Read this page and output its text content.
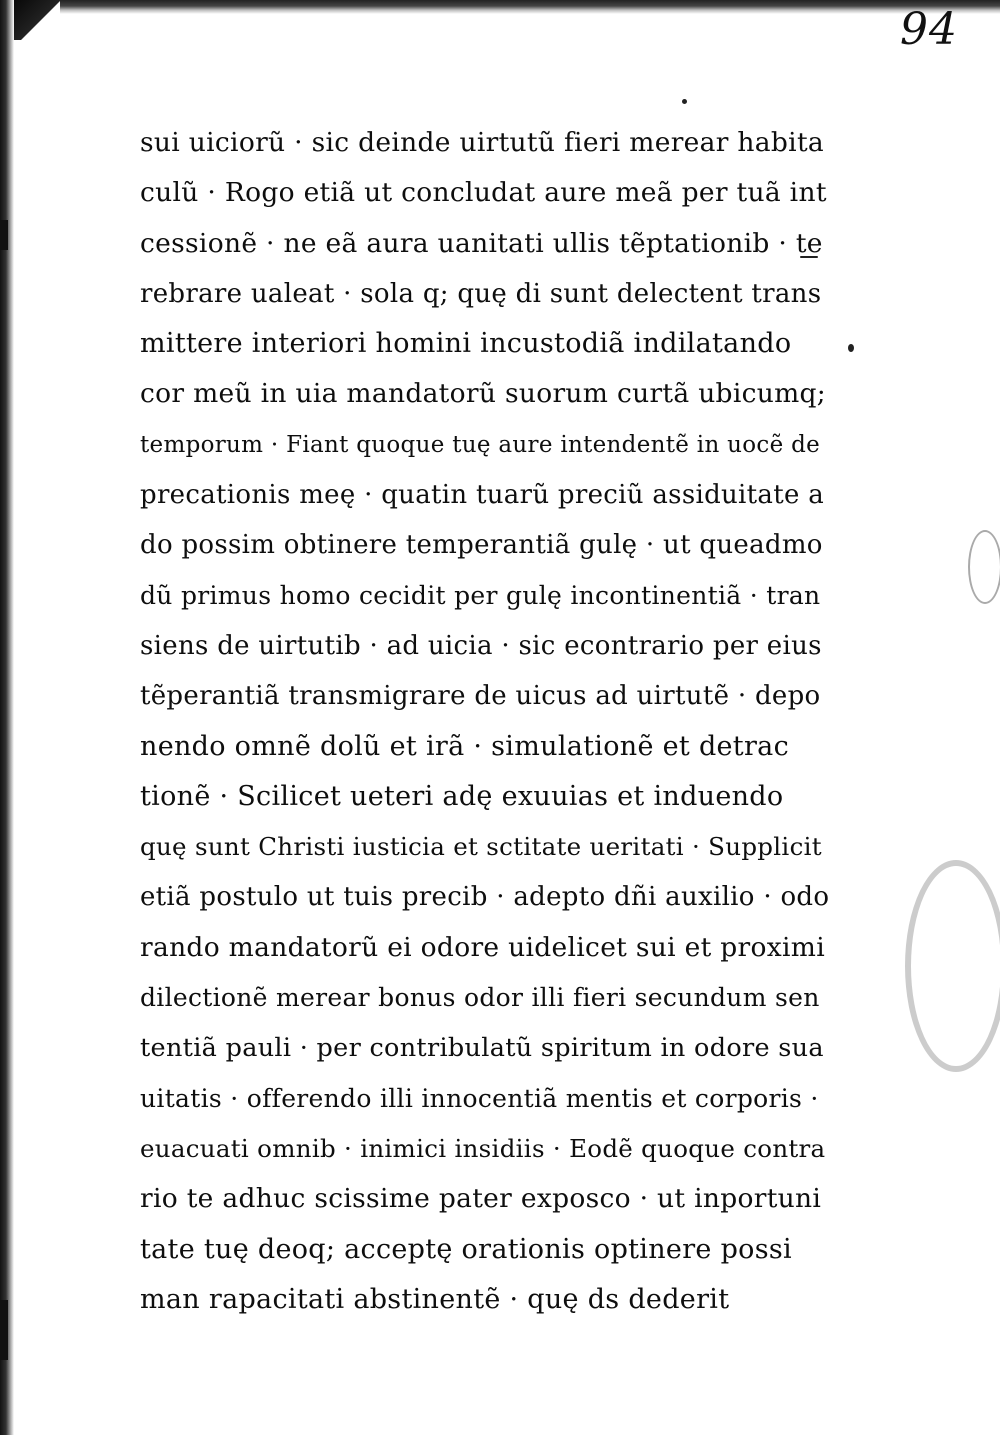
94
sui uiciorũ · sic deinde uirtutũ fieri merear habita
culũ · Rogo etiã ut concludat aure meã per tuã int
cessionẽ · ne eã aura uanitati ullis tẽptationib · te
rebrare ualeat · sola q; quę di sunt delectent trans
mittere interiori homini incustodiã indilatando
cor meũ in uia mandatorũ suorum curtã ubicumq;
temporum · Fiant quoque tuę aure intendentẽ in uocẽ de
precationis meę · quatin tuarũ preciũ assiduitate a
do possim obtinere temperantiã gulę · ut queadmo
dũ primus homo cecidit per gulę incontinentiã · tran
siens de uirtutib · ad uicia · sic econtrario per eius
tẽperantiã transmigrare de uicus ad uirtutẽ · depo
nendo omnẽ dolũ et irã · simulationẽ et detrac
tionẽ · Scilicet ueteri adę exuuias et induendo
quę sunt Christi iusticia et sctitate ueritati · Supplicit
etiã postulo ut tuis precib · adepto dñi auxilio · odo
rando mandatorũ ei odore uidelicet sui et proximi
dilectionẽ merear bonus odor illi fieri secundum sen
tentiã pauli · per contribulatũ spiritum in odore sua
uitatis · offerendo illi innocentiã mentis et corporis ·
euacuati omnib · inimici insidiis · Eodẽ quoque contra
rio te adhuc scissime pater exposco · ut inportuni
tate tuę deoq; acceptę orationis optinere possi
man rapacitati abstinentẽ · quę ds dederit
